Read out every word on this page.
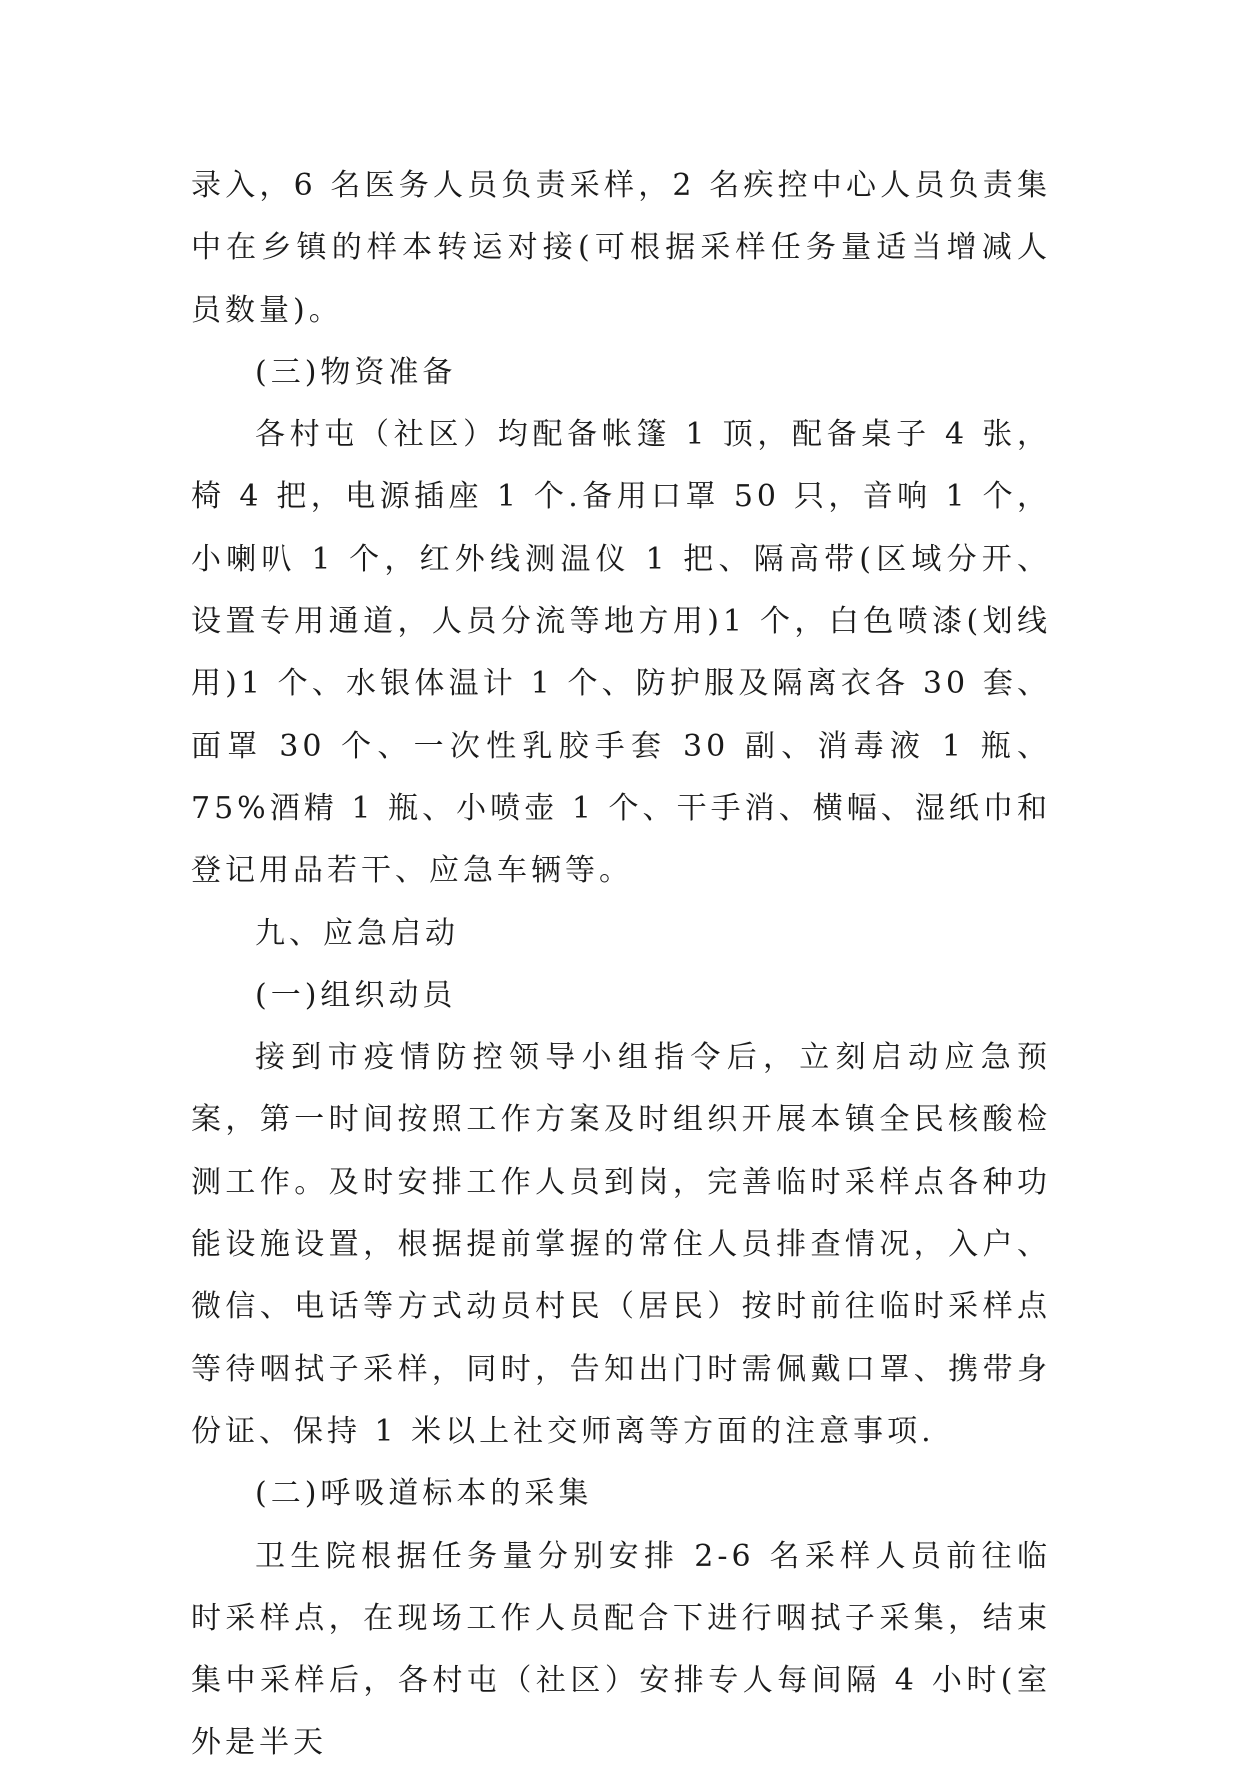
录入，6 名医务人员负责采样，2 名疾控中心人员负责集中在乡镇的样本转运对接(可根据采样任务量适当增减人员数量)。

(三)物资准备

各村屯（社区）均配备帐篷 1 顶，配备桌子 4 张，椅 4 把，电源插座 1 个.备用口罩 50 只，音响 1 个，小喇叭 1 个，红外线测温仪 1 把、隔高带(区域分开、设置专用通道，人员分流等地方用)1 个，白色喷漆(划线用)1 个、水银体温计 1 个、防护服及隔离衣各 30 套、面罩 30 个、一次性乳胶手套 30 副、消毒液 1 瓶、75%酒精 1 瓶、小喷壶 1 个、干手消、横幅、湿纸巾和登记用品若干、应急车辆等。

九、应急启动

(一)组织动员

接到市疫情防控领导小组指令后，立刻启动应急预案，第一时间按照工作方案及时组织开展本镇全民核酸检测工作。及时安排工作人员到岗，完善临时采样点各种功能设施设置，根据提前掌握的常住人员排查情况，入户、微信、电话等方式动员村民（居民）按时前往临时采样点等待咽拭子采样，同时，告知出门时需佩戴口罩、携带身份证、保持 1 米以上社交师离等方面的注意事项.

(二)呼吸道标本的采集

卫生院根据任务量分别安排 2-6 名采样人员前往临时采样点，在现场工作人员配合下进行咽拭子采集，结束集中采样后，各村屯（社区）安排专人每间隔 4 小时(室外是半天
